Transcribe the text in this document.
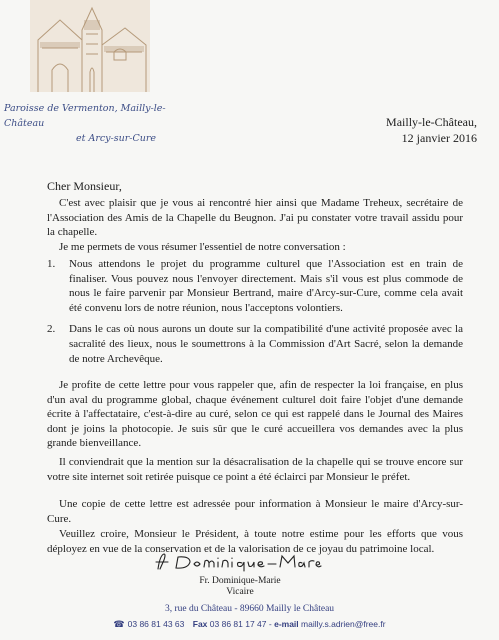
Paroisse de Vermenton, Mailly-le-Château
et Arcy-sur-Cure
Mailly-le-Château,
12 janvier 2016
Cher Monsieur,

C'est avec plaisir que je vous ai rencontré hier ainsi que Madame Treheux, secrétaire de l'Association des Amis de la Chapelle du Beugnon. J'ai pu constater votre travail assidu pour la chapelle.

Je me permets de vous résumer l'essentiel de notre conversation :

1.	Nous attendons le projet du programme culturel que l'Association est en train de finaliser. Vous pouvez nous l'envoyer directement. Mais s'il vous est plus commode de nous le faire parvenir par Monsieur Bertrand, maire d'Arcy-sur-Cure, comme cela avait été convenu lors de notre réunion, nous l'acceptons volontiers.
2.	Dans le cas où nous aurons un doute sur la compatibilité d'une activité proposée avec la sacralité des lieux, nous le soumettrons à la Commission d'Art Sacré, selon la demande de notre Archevêque.

Je profite de cette lettre pour vous rappeler que, afin de respecter la loi française, en plus d'un aval du programme global, chaque événement culturel doit faire l'objet d'une demande écrite à l'affectataire, c'est-à-dire au curé, selon ce qui est rappelé dans le Journal des Maires dont je joins la photocopie. Je suis sûr que le curé accueillera vos demandes avec la plus grande bienveillance.

Il conviendrait que la mention sur la désacralisation de la chapelle qui se trouve encore sur votre site internet soit retirée puisque ce point a été éclairci par Monsieur le préfet.

Une copie de cette lettre est adressée pour information à Monsieur le maire d'Arcy-sur-Cure.

Veuillez croire, Monsieur le Président, à toute notre estime pour les efforts que vous déployez en vue de la conservation et de la valorisation de ce joyau du patrimoine local.

Fr. Dominique-Marie
Vicaire
3, rue du Château - 89660 Mailly le Château
☎ 03 86 81 43 63 Fax 03 86 81 17 47 - e-mail mailly.s.adrien@free.fr
